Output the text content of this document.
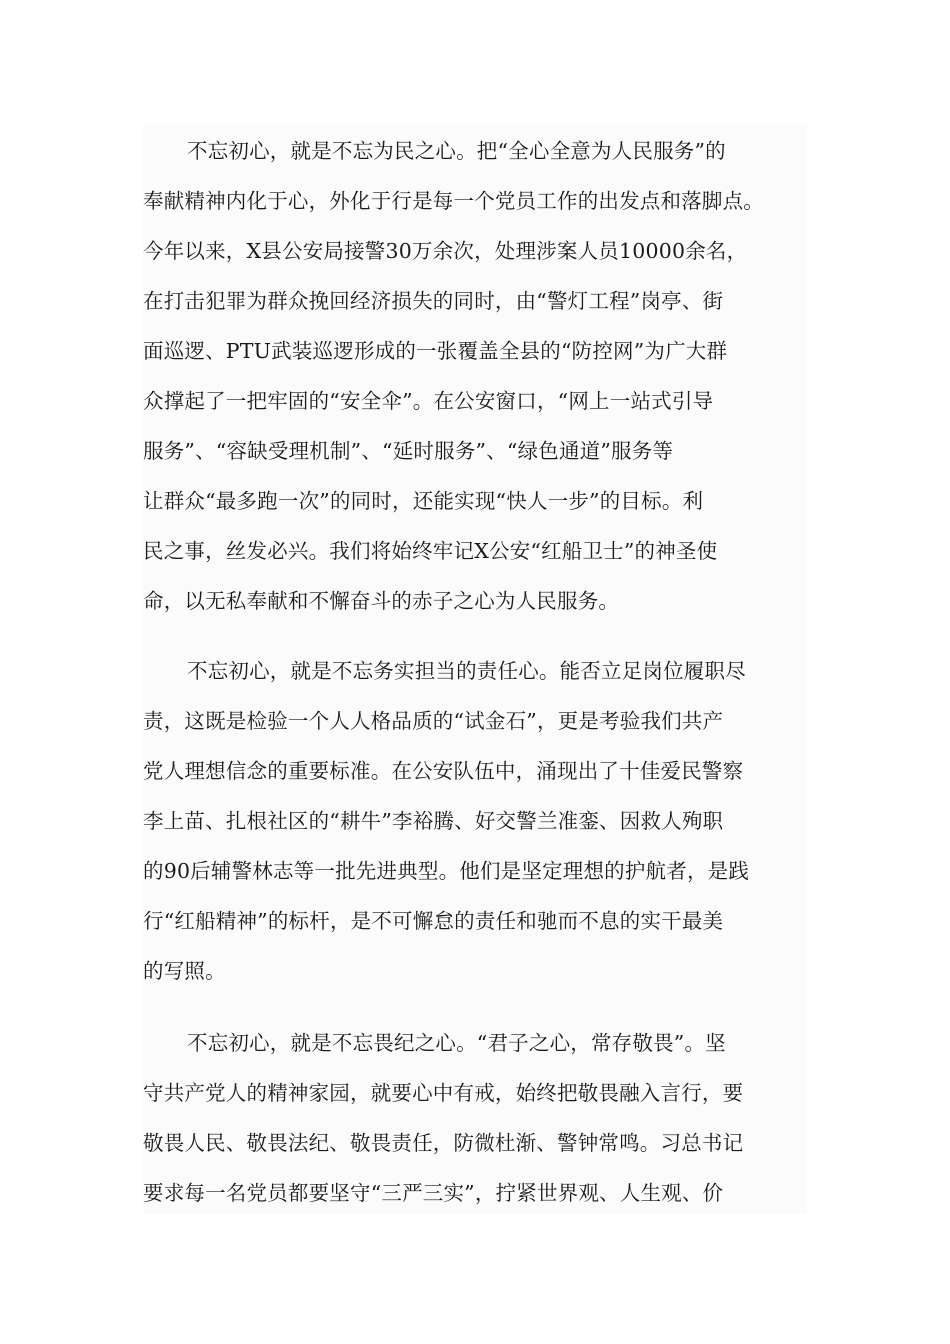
不忘初心，就是不忘为民之心。把“全心全意为人民服务”的
奉献精神内化于心，外化于行是每一个党员工作的出发点和落脚点。
今年以来，X县公安局接警30万余次，处理涉案人员10000余名，
在打击犯罪为群众挽回经济损失的同时，由“警灯工程”岗亭、街
面巡逻、PTU武装巡逻形成的一张覆盖全县的“防控网”为广大群
众撑起了一把牢固的“安全伞”。在公安窗口，“网上一站式引导
服务”、“容缺受理机制”、“延时服务”、“绿色通道”服务等
让群众“最多跑一次”的同时，还能实现“快人一步”的目标。利
民之事，丝发必兴。我们将始终牢记X公安“红船卫士”的神圣使
命，以无私奉献和不懈奋斗的赤子之心为人民服务。
不忘初心，就是不忘务实担当的责任心。能否立足岗位履职尽
责，这既是检验一个人人格品质的“试金石”，更是考验我们共产
党人理想信念的重要标准。在公安队伍中，涌现出了十佳爱民警察
李上苗、扎根社区的“耕牛”李裕腾、好交警兰准銮、因救人殉职
的90后辅警林志等一批先进典型。他们是坚定理想的护航者，是践
行“红船精神”的标杆，是不可懈怠的责任和驰而不息的实干最美
的写照。
不忘初心，就是不忘畏纪之心。“君子之心，常存敬畏”。坚
守共产党人的精神家园，就要心中有戒，始终把敬畏融入言行，要
敬畏人民、敬畏法纪、敬畏责任，防微杜渐、警钟常鸣。习总书记
要求每一名党员都要坚守“三严三实”，拧紧世界观、人生观、价
